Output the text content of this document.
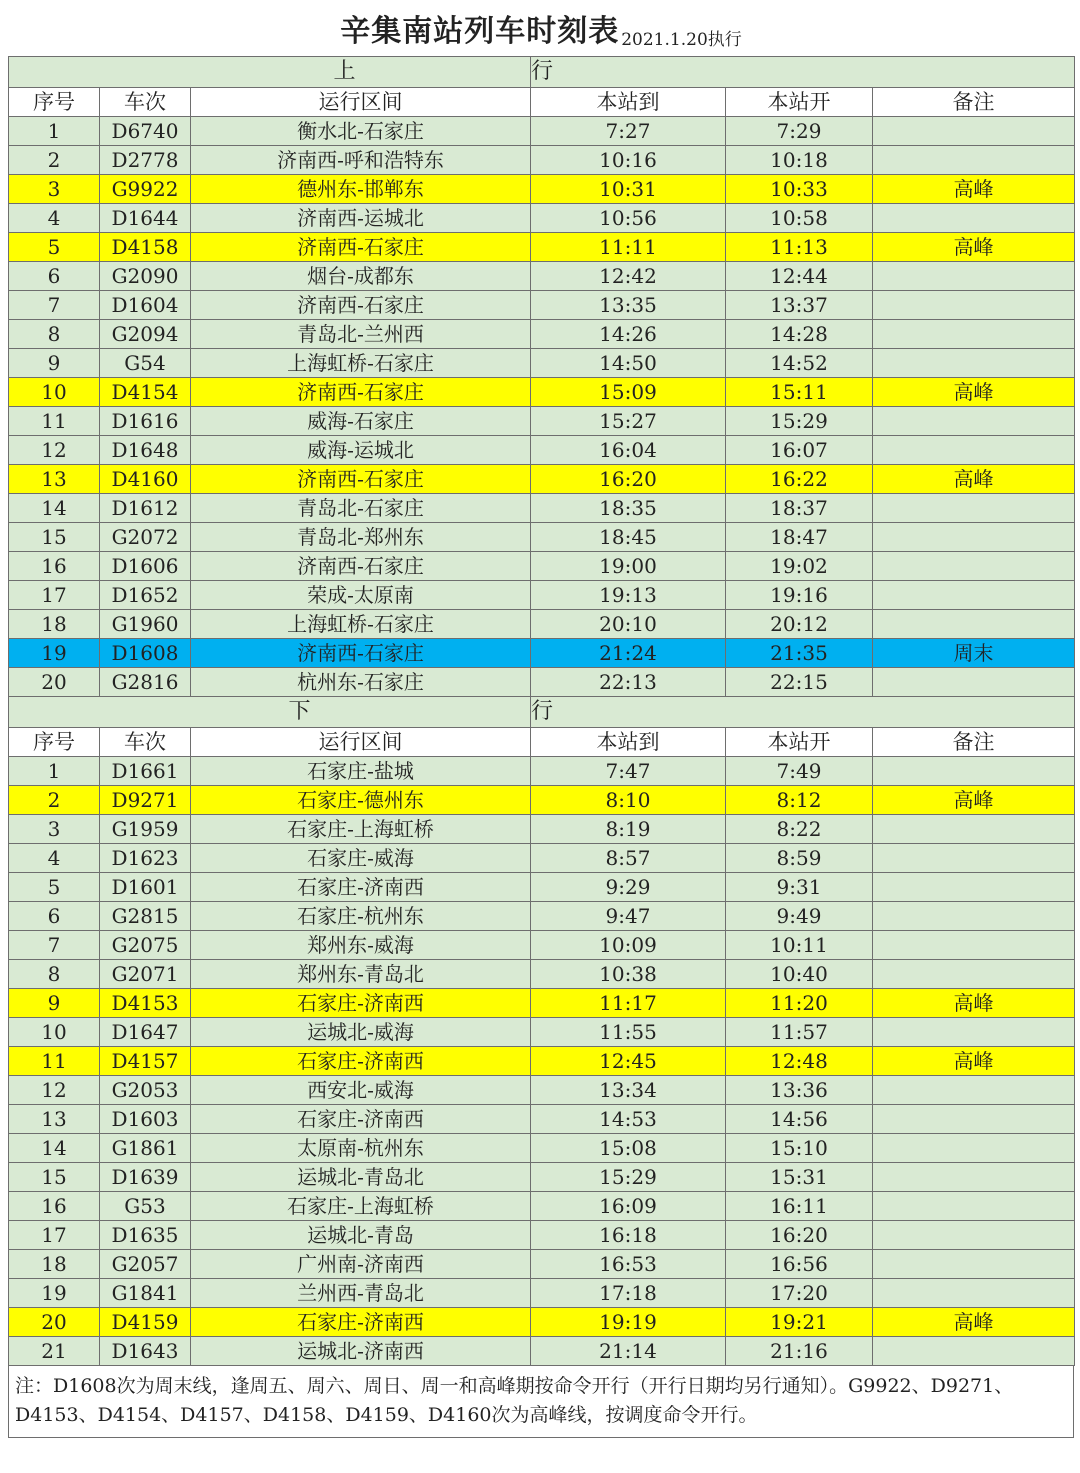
辛集南站列车时刻表 2021.1.20执行
上			行		
序号	车次	运行区间	本站到	本站开	备注
1	D6740	衡水北-石家庄	7:27	7:29	
2	D2778	济南西-呼和浩特东	10:16	10:18	
3	G9922	德州东-邯郸东	10:31	10:33	高峰
4	D1644	济南西-运城北	10:56	10:58	
5	D4158	济南西-石家庄	11:11	11:13	高峰
6	G2090	烟台-成都东	12:42	12:44	
7	D1604	济南西-石家庄	13:35	13:37	
8	G2094	青岛北-兰州西	14:26	14:28	
9	G54	上海虹桥-石家庄	14:50	14:52	
10	D4154	济南西-石家庄	15:09	15:11	高峰
11	D1616	威海-石家庄	15:27	15:29	
12	D1648	威海-运城北	16:04	16:07	
13	D4160	济南西-石家庄	16:20	16:22	高峰
14	D1612	青岛北-石家庄	18:35	18:37	
15	G2072	青岛北-郑州东	18:45	18:47	
16	D1606	济南西-石家庄	19:00	19:02	
17	D1652	荣成-太原南	19:13	19:16	
18	G1960	上海虹桥-石家庄	20:10	20:12	
19	D1608	济南西-石家庄	21:24	21:35	周末
20	G2816	杭州东-石家庄	22:13	22:15	
下			行		
序号	车次	运行区间	本站到	本站开	备注
1	D1661	石家庄-盐城	7:47	7:49	
2	D9271	石家庄-德州东	8:10	8:12	高峰
3	G1959	石家庄-上海虹桥	8:19	8:22	
4	D1623	石家庄-威海	8:57	8:59	
5	D1601	石家庄-济南西	9:29	9:31	
6	G2815	石家庄-杭州东	9:47	9:49	
7	G2075	郑州东-威海	10:09	10:11	
8	G2071	郑州东-青岛北	10:38	10:40	
9	D4153	石家庄-济南西	11:17	11:20	高峰
10	D1647	运城北-威海	11:55	11:57	
11	D4157	石家庄-济南西	12:45	12:48	高峰
12	G2053	西安北-威海	13:34	13:36	
13	D1603	石家庄-济南西	14:53	14:56	
14	G1861	太原南-杭州东	15:08	15:10	
15	D1639	运城北-青岛北	15:29	15:31	
16	G53	石家庄-上海虹桥	16:09	16:11	
17	D1635	运城北-青岛	16:18	16:20	
18	G2057	广州南-济南西	16:53	16:56	
19	G1841	兰州西-青岛北	17:18	17:20	
20	D4159	石家庄-济南西	19:19	19:21	高峰
21	D1643	运城北-济南西	21:14	21:16	
注：D1608次为周末线，逢周五、周六、周日、周一和高峰期按命令开行（开行日期均另行通知）。G9922、D9271、D4153、D4154、D4157、D4158、D4159、D4160次为高峰线，按调度命令开行。
